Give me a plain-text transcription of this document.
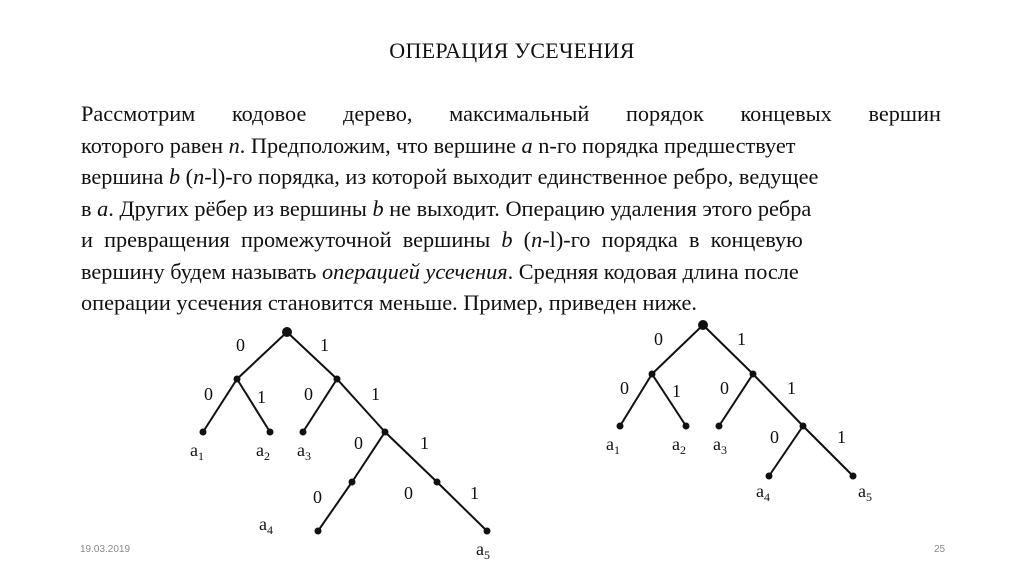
ОПЕРАЦИЯ УСЕЧЕНИЯ
Рассмотрим кодовое дерево, максимальный порядок концевых вершин
которого равен n. Предположим, что вершине a n-го порядка предшествует
вершина b (n-l)-го порядка, из которой выходит единственное ребро, ведущее
в a. Других рёбер из вершины b не выходит. Операцию удаления этого ребра
и  превращения  промежуточной  вершины  b  (n-l)-го  порядка  в  концевую
вершину будем называть операцией усечения. Средняя кодовая длина после
операции усечения становится меньше. Пример, приведен ниже.
0	1
0 1 0	1
0	1
0	0	1
$a_1$	$a_2$ $a_3$
$a_4$
$a_5$
0	1
0 1 0	1
0	1
$a_1$	$a_2$ $a_3$
$a_4$	$a_5$
19.03.2019	25
